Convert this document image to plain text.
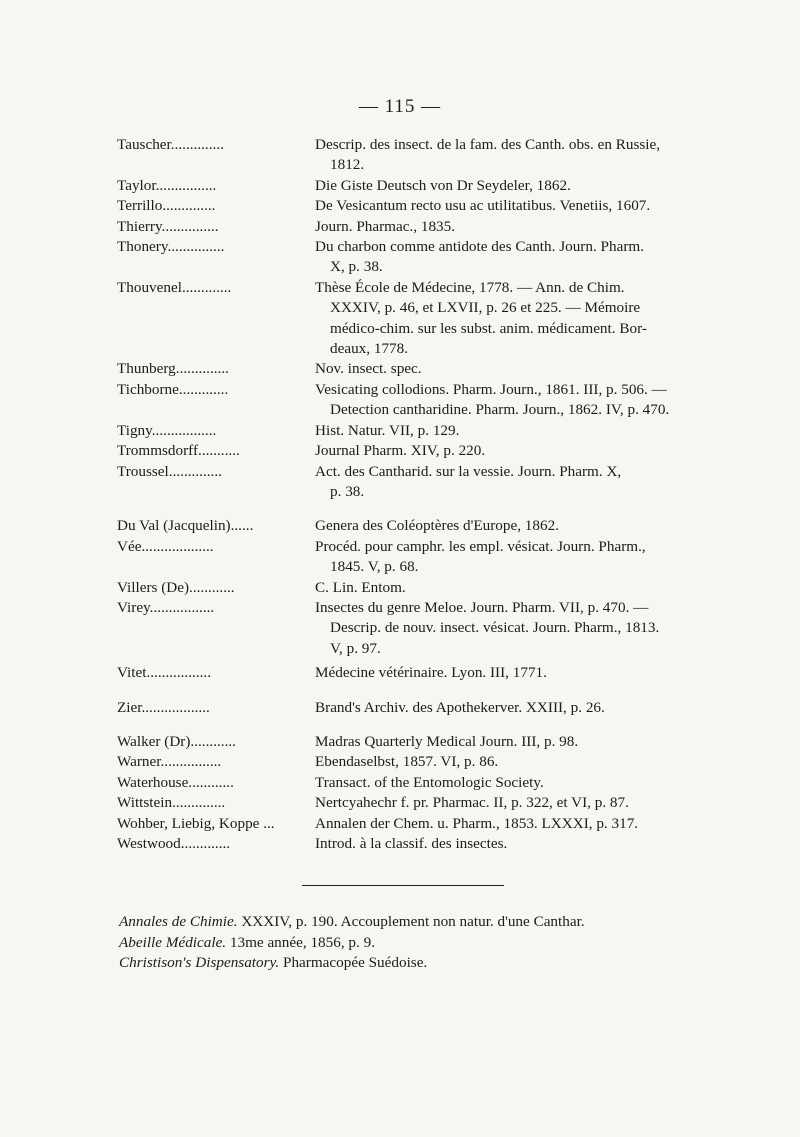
— 115 —
Tauscher..............	Descrip. des insect. de la fam. des Canth. obs. en Russie,
1812.
Taylor................	Die Giste Deutsch von Dr Seydeler, 1862.
Terrillo..............	De Vesicantum recto usu ac utilitatibus. Venetiis, 1607.
Thierry...............	Journ. Pharmac., 1835.
Thonery...............	Du charbon comme antidote des Canth. Journ. Pharm.
X, p. 38.
Thouvenel.............	Thèse École de Médecine, 1778. — Ann. de Chim.
XXXIV, p. 46, et LXVII, p. 26 et 225. — Mémoire
médico-chim. sur les subst. anim. médicament. Bor-
deaux, 1778.
Thunberg..............	Nov. insect. spec.
Tichborne.............	Vesicating collodions. Pharm. Journ., 1861. III, p. 506. —
Detection cantharidine. Pharm. Journ., 1862. IV, p. 470.
Tigny.................	Hist. Natur. VII, p. 129.
Trommsdorff...........	Journal Pharm. XIV, p. 220.
Troussel..............	Act. des Cantharid. sur la vessie. Journ. Pharm. X,
p. 38.
Du Val (Jacquelin)......	Genera des Coléoptères d'Europe, 1862.
Vée...................	Procéd. pour camphr. les empl. vésicat. Journ. Pharm.,
1845. V, p. 68.
Villers (De)............	C. Lin. Entom.
Virey.................	Insectes du genre Meloe. Journ. Pharm. VII, p. 470. —
Descrip. de nouv. insect. vésicat. Journ. Pharm., 1813.
V, p. 97.
Vitet.................	Médecine vétérinaire. Lyon. III, 1771.
Zier..................	Brand's Archiv. des Apothekerver. XXIII, p. 26.
Walker (Dr)............	Madras Quarterly Medical Journ. III, p. 98.
Warner................	Ebendaselbst, 1857. VI, p. 86.
Waterhouse............	Transact. of the Entomologic Society.
Wittstein..............	Nertcyahechr f. pr. Pharmac. II, p. 322, et VI, p. 87.
Wohber, Liebig, Koppe ...	Annalen der Chem. u. Pharm., 1853. LXXXI, p. 317.
Westwood.............	Introd. à la classif. des insectes.
Annales de Chimie. XXXIV, p. 190. Accouplement non natur. d'une Canthar.
Abeille Médicale. 13me année, 1856, p. 9.
Christison's Dispensatory. Pharmacopée Suédoise.
